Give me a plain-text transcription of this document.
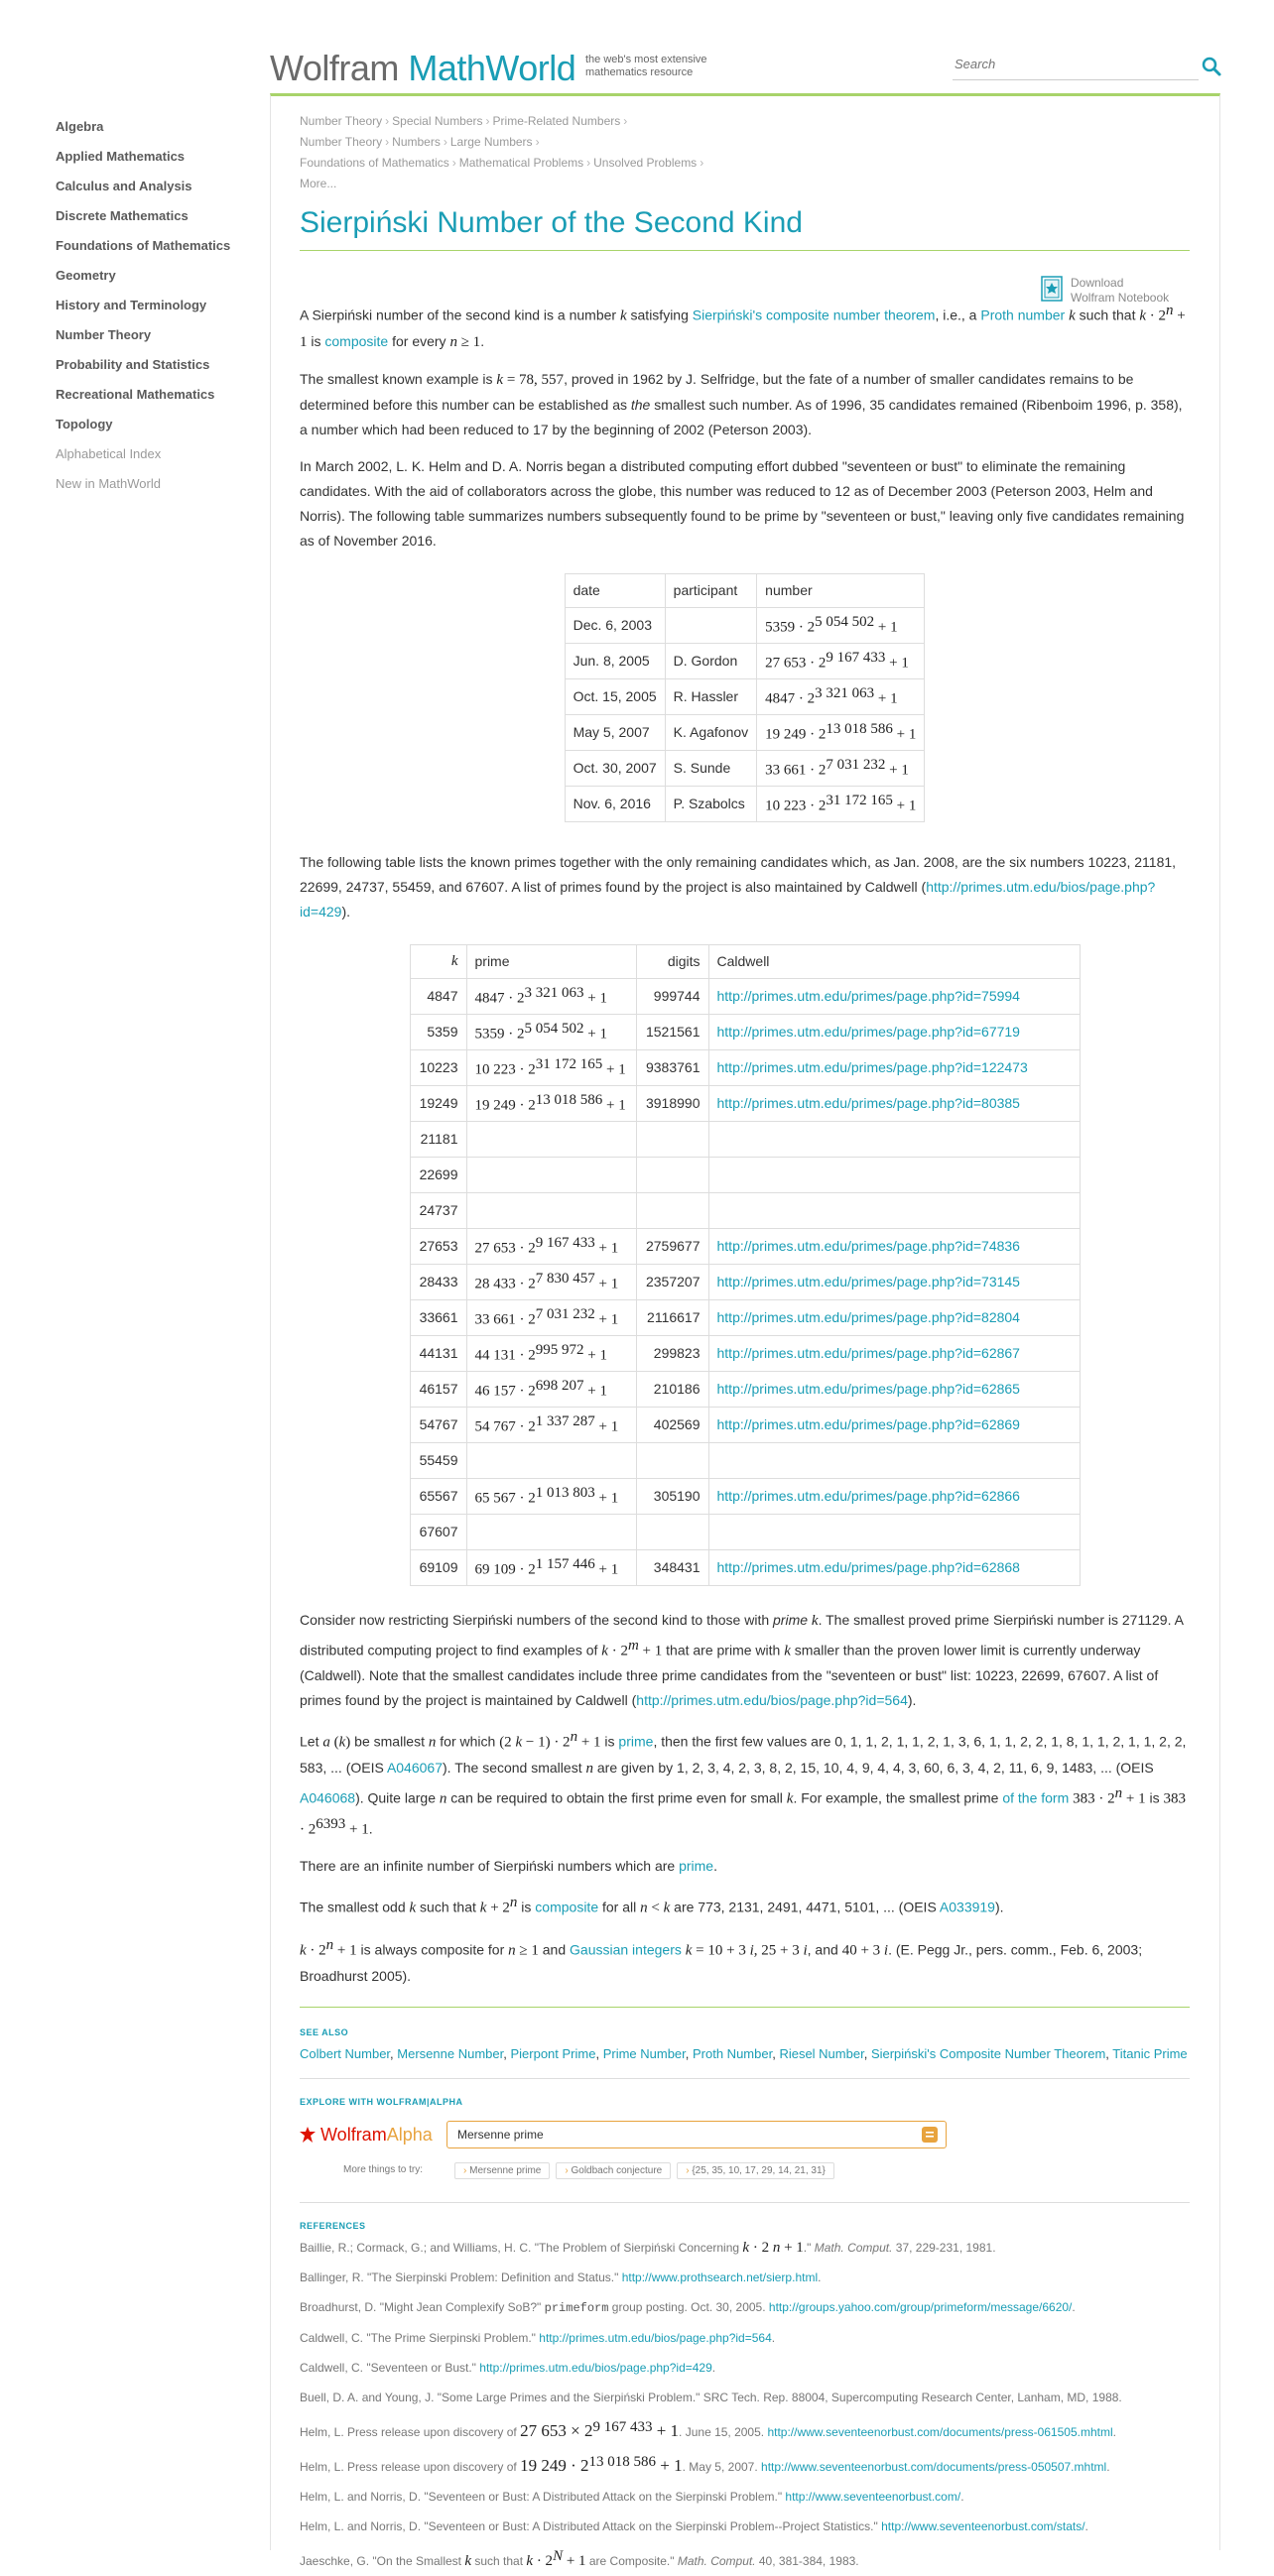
Wolfram MathWorld the web's most extensive mathematics resource
Search
Algebra
Applied Mathematics
Calculus and Analysis
Discrete Mathematics
Foundations of Mathematics
Geometry
History and Terminology
Number Theory
Probability and Statistics
Recreational Mathematics
Topology
Alphabetical Index
New in MathWorld
Number Theory › Special Numbers › Prime-Related Numbers ›
Number Theory › Numbers › Large Numbers ›
Foundations of Mathematics › Mathematical Problems › Unsolved Problems ›
More...
Sierpiński Number of the Second Kind
Download
Wolfram Notebook

A Sierpiński number of the second kind is a number k satisfying Sierpiński's composite number theorem, i.e., a Proth number k such that $k \cdot 2^n + 1$ is composite for every n ≥ 1.

The smallest known example is k = 78, 557, proved in 1962 by J. Selfridge, but the fate of a number of smaller candidates remains to be determined before this number can be established as the smallest such number. As of 1996, 35 candidates remained (Ribenboim 1996, p. 358), a number which had been reduced to 17 by the beginning of 2002 (Peterson 2003).

In March 2002, L. K. Helm and D. A. Norris began a distributed computing effort dubbed "seventeen or bust" to eliminate the remaining candidates. With the aid of collaborators across the globe, this number was reduced to 12 as of December 2003 (Peterson 2003, Helm and Norris). The following table summarizes numbers subsequently found to be prime by "seventeen or bust," leaving only five candidates remaining as of November 2016.

date	participant	number
Dec. 6, 2003		$5359 \cdot 2^{5 054 502} + 1$
Jun. 8, 2005	D. Gordon	27 $653 \cdot 2^{9 167 433} + 1$
Oct. 15, 2005	R. Hassler	$4847 \cdot 2^{3 321 063} + 1$
May 5, 2007	K. Agafonov	19 $249 \cdot 2^{13 018 586} + 1$
Oct. 30, 2007	S. Sunde	33 $661 \cdot 2^{7 031 232} + 1$
Nov. 6, 2016	P. Szabolcs	10 $223 \cdot 2^{31 172 165} + 1$

The following table lists the known primes together with the only remaining candidates which, as Jan. 2008, are the six numbers 10223, 21181, 22699, 24737, 55459, and 67607. A list of primes found by the project is also maintained by Caldwell (http://primes.utm.edu/bios/page.php?id=429).

k	prime	digits	Caldwell
4847	$4847 \cdot 2^{3 321 063} + 1$	999744	http://primes.utm.edu/primes/page.php?id=75994
5359	$5359 \cdot 2^{5 054 502} + 1$	1521561	http://primes.utm.edu/primes/page.php?id=67719
10223	10 $223 \cdot 2^{31 172 165} + 1$	9383761	http://primes.utm.edu/primes/page.php?id=122473
19249	19 $249 \cdot 2^{13 018 586} + 1$	3918990	http://primes.utm.edu/primes/page.php?id=80385
21181			
22699			
24737			
27653	27 $653 \cdot 2^{9 167 433} + 1$	2759677	http://primes.utm.edu/primes/page.php?id=74836
28433	28 $433 \cdot 2^{7 830 457} + 1$	2357207	http://primes.utm.edu/primes/page.php?id=73145
33661	33 $661 \cdot 2^{7 031 232} + 1$	2116617	http://primes.utm.edu/primes/page.php?id=82804
44131	44 $131 \cdot 2^{995 972} + 1$	299823	http://primes.utm.edu/primes/page.php?id=62867
46157	46 $157 \cdot 2^{698 207} + 1$	210186	http://primes.utm.edu/primes/page.php?id=62865
54767	54 $767 \cdot 2^{1 337 287} + 1$	402569	http://primes.utm.edu/primes/page.php?id=62869
55459			
65567	65 $567 \cdot 2^{1 013 803} + 1$	305190	http://primes.utm.edu/primes/page.php?id=62866
67607			
69109	69 $109 \cdot 2^{1 157 446} + 1$	348431	http://primes.utm.edu/primes/page.php?id=62868

Consider now restricting Sierpiński numbers of the second kind to those with prime k. The smallest proved prime Sierpiński number is 271129. A distributed computing project to find examples of $k \cdot 2^m + 1$ that are prime with k smaller than the proven lower limit is currently underway (Caldwell). Note that the smallest candidates include three prime candidates from the "seventeen or bust" list: 10223, 22699, 67607. A list of primes found by the project is maintained by Caldwell (http://primes.utm.edu/bios/page.php?id=564).

Let a (k) be smallest n for which (2 $k - 1) \cdot 2^n + 1$ is prime, then the first few values are 0, 1, 1, 2, 1, 1, 2, 1, 3, 6, 1, 1, 2, 2, 1, 8, 1, 1, 2, 1, 1, 2, 2, 583, ... (OEIS A046067). The second smallest n are given by 1, 2, 3, 4, 2, 3, 8, 2, 15, 10, 4, 9, 4, 4, 3, 60, 6, 3, 4, 2, 11, 6, 9, 1483, ... (OEIS A046068). Quite large n can be required to obtain the first prime even for small k. For example, the smallest prime of the form $383 \cdot 2^n + 1$ is $383 \cdot 2^{6393} + 1$.

There are an infinite number of Sierpiński numbers which are prime.

The smallest odd k such that $k + 2^n$ is composite for all n < k are 773, 2131, 2491, 4471, 5101, ... (OEIS A033919).

$k \cdot 2^n + 1$ is always composite for n ≥ 1 and Gaussian integers k = 10 + 3 i, 25 + 3 i, and 40 + 3 i. (E. Pegg Jr., pers. comm., Feb. 6, 2003; Broadhurst 2005).

SEE ALSO
Colbert Number, Mersenne Number, Pierpont Prime, Prime Number, Proth Number, Riesel Number, Sierpiński's Composite Number Theorem, Titanic Prime
EXPLORE WITH WOLFRAM|ALPHA
WolframAlpha
Mersenne prime
More things to try:	› Mersenne prime › Goldbach conjecture › {25, 35, 10, 17, 29, 14, 21, 31}
REFERENCES
Baillie, R.; Cormack, G.; and Williams, H. C. "The Problem of Sierpiński Concerning k · 2 n + 1." Math. Comput. 37, 229-231, 1981.
Ballinger, R. "The Sierpinski Problem: Definition and Status." http://www.prothsearch.net/sierp.html.
Broadhurst, D. "Might Jean Complexify SoB?" primeform group posting. Oct. 30, 2005. http://groups.yahoo.com/group/primeform/message/6620/.
Caldwell, C. "The Prime Sierpinski Problem." http://primes.utm.edu/bios/page.php?id=564.
Caldwell, C. "Seventeen or Bust." http://primes.utm.edu/bios/page.php?id=429.
Buell, D. A. and Young, J. "Some Large Primes and the Sierpiński Problem." SRC Tech. Rep. 88004, Supercomputing Research Center, Lanham, MD, 1988.
Helm, L. Press release upon discovery of 27 $653 \times 2^{9 167 433} + 1$. June 15, 2005. http://www.seventeenorbust.com/documents/press-061505.mhtml.
Helm, L. Press release upon discovery of 19 $249 \cdot 2^{13 018 586} + 1$. May 5, 2007. http://www.seventeenorbust.com/documents/press-050507.mhtml.
Helm, L. and Norris, D. "Seventeen or Bust: A Distributed Attack on the Sierpinski Problem." http://www.seventeenorbust.com/.
Helm, L. and Norris, D. "Seventeen or Bust: A Distributed Attack on the Sierpinski Problem--Project Statistics." http://www.seventeenorbust.com/stats/.
Jaeschke, G. "On the Smallest k such that $k \cdot 2^N + 1$ are Composite." Math. Comput. 40, 381-384, 1983.
